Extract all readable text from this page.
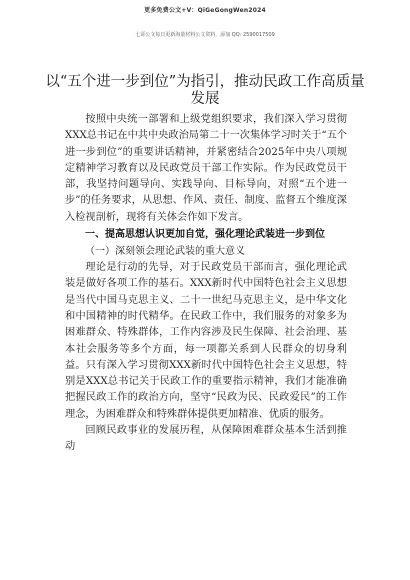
更多免费公文+V：QiGeGongWen2024
七哥公文每日更新海量材料公文资料，添加 QQ: 2590017509
以“五个进一步到位”为指引，推动民政工作高质量发展

按照中央统一部署和上级党组织要求，我们深入学习贯彻XXX总书记在中共中央政治局第二十一次集体学习时关于“五个进一步到位”的重要讲话精神，并紧密结合2025年中央八项规定精神学习教育以及民政党员干部工作实际。作为民政党员干部，我坚持问题导向、实践导向、目标导向，对照“五个进一步”的任务要求，从思想、作风、责任、制度、监督五个维度深入检视剖析，现将有关体会作如下发言。

一、提高思想认识更加自觉，强化理论武装进一步到位

（一）深刻领会理论武装的重大意义

理论是行动的先导，对于民政党员干部而言，强化理论武装是做好各项工作的基石。XXX新时代中国特色社会主义思想是当代中国马克思主义、二十一世纪马克思主义，是中华文化和中国精神的时代精华。在民政工作中，我们服务的对象多为困难群众、特殊群体，工作内容涉及民生保障、社会治理、基本社会服务等多个方面，每一项都关系到人民群众的切身利益。只有深入学习贯彻XXX新时代中国特色社会主义思想，特别是XXX总书记关于民政工作的重要指示精神，我们才能准确把握民政工作的政治方向，坚守“民政为民、民政爱民”的工作理念，为困难群众和特殊群体提供更加精准、优质的服务。

回顾民政事业的发展历程，从保障困难群众基本生活到推动
